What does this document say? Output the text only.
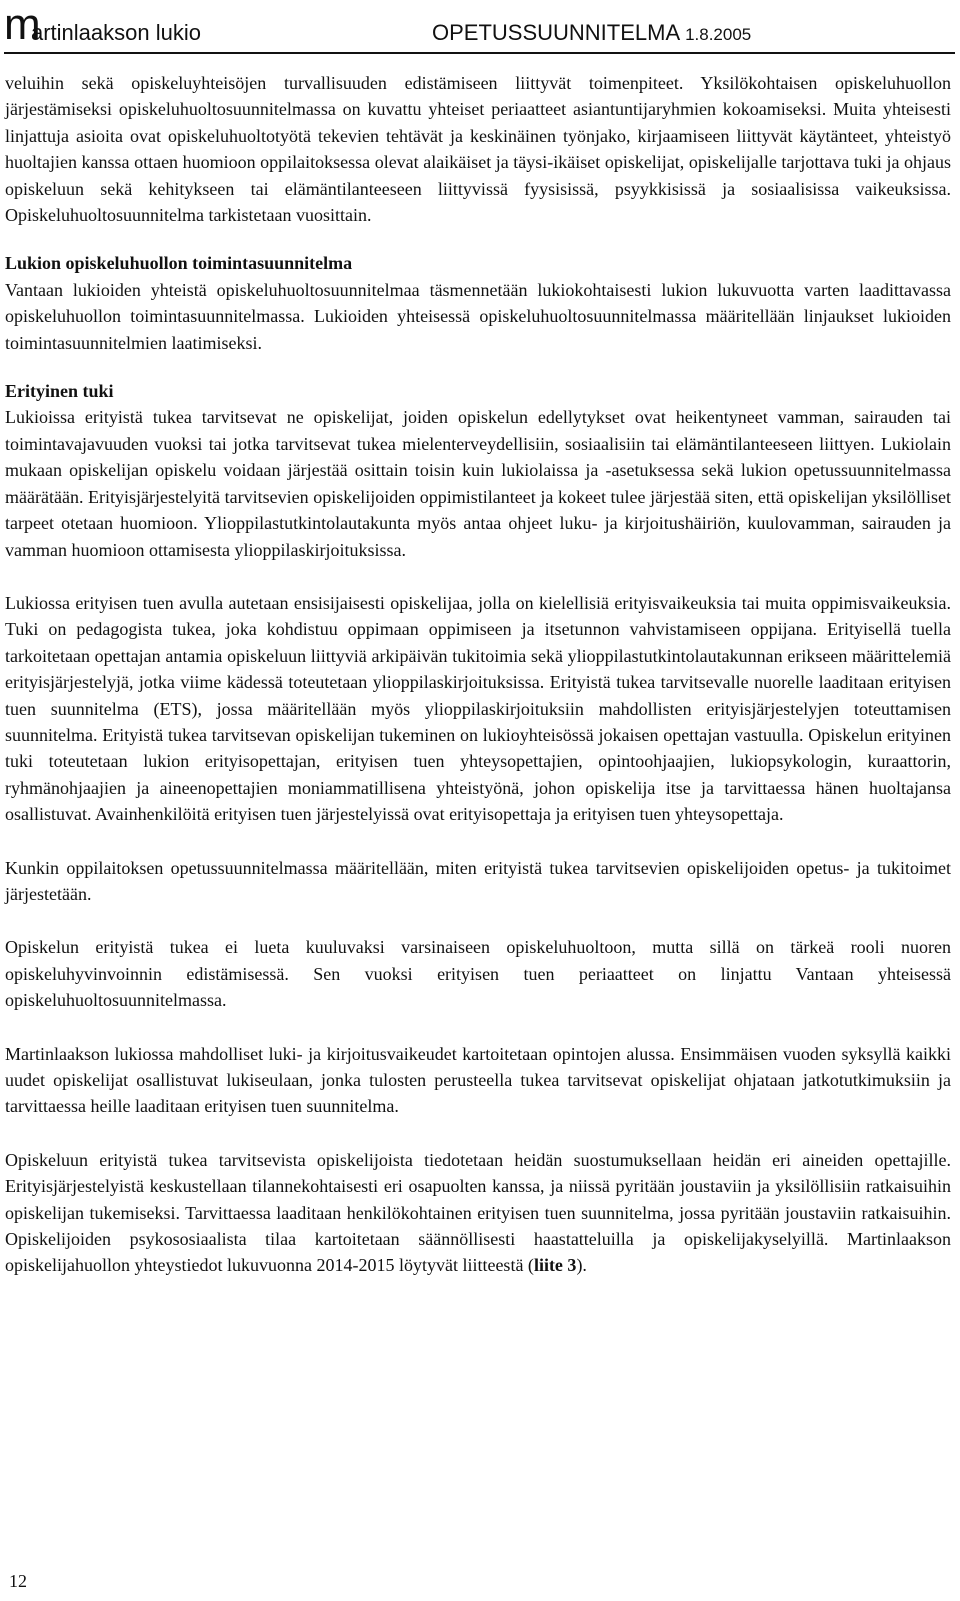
m
artinlaakson lukio	OPETUSSUUNNITELMA 1.8.2005

veluihin sekä opiskeluyhteisöjen turvallisuuden edistämiseen liittyvät toimenpiteet. Yksilökohtaisen opiskeluhuollon järjestämiseksi opiskeluhuoltosuunnitelmassa on kuvattu yhteiset periaatteet asiantuntijaryhmien kokoamiseksi. Muita yhteisesti linjattuja asioita ovat opiskeluhuoltotyötä tekevien tehtävät ja keskinäinen työnjako, kirjaamiseen liittyvät käytänteet, yhteistyö huoltajien kanssa ottaen huomioon oppilaitoksessa olevat alaikäiset ja täysi-ikäiset opiskelijat, opiskelijalle tarjottava tuki ja ohjaus opiskeluun sekä kehitykseen tai elämäntilanteeseen liittyvissä fyysisissä, psyykkisissä ja sosiaalisissa vaikeuksissa. Opiskeluhuoltosuunnitelma tarkistetaan vuosittain.

Lukion opiskeluhuollon toimintasuunnitelma

Vantaan lukioiden yhteistä opiskeluhuoltosuunnitelmaa täsmennetään lukiokohtaisesti lukion lukuvuotta varten laadittavassa opiskeluhuollon toimintasuunnitelmassa. Lukioiden yhteisessä opiskeluhuoltosuunnitelmassa määritellään linjaukset lukioiden toimintasuunnitelmien laatimiseksi.

Erityinen tuki

Lukioissa erityistä tukea tarvitsevat ne opiskelijat, joiden opiskelun edellytykset ovat heikentyneet vamman, sairauden tai toimintavajavuuden vuoksi tai jotka tarvitsevat tukea mielenterveydellisiin, sosiaalisiin tai elämäntilanteeseen liittyen. Lukiolain mukaan opiskelijan opiskelu voidaan järjestää osittain toisin kuin lukiolaissa ja -asetuksessa sekä lukion opetussuunnitelmassa määrätään. Erityisjärjestelyitä tarvitsevien opiskelijoiden oppimistilanteet ja kokeet tulee järjestää siten, että opiskelijan yksilölliset tarpeet otetaan huomioon. Ylioppilastutkintolautakunta myös antaa ohjeet luku- ja kirjoitushäiriön, kuulovamman, sairauden ja vamman huomioon ottamisesta ylioppilaskirjoituksissa.

Lukiossa erityisen tuen avulla autetaan ensisijaisesti opiskelijaa, jolla on kielellisiä erityisvaikeuksia tai muita oppimisvaikeuksia. Tuki on pedagogista tukea, joka kohdistuu oppimaan oppimiseen ja itsetunnon vahvistamiseen oppijana. Erityisellä tuella tarkoitetaan opettajan antamia opiskeluun liittyviä arkipäivän tukitoimia sekä ylioppilastutkintolautakunnan erikseen määrittelemiä erityisjärjestelyjä, jotka viime kädessä toteutetaan ylioppilaskirjoituksissa. Erityistä tukea tarvitsevalle nuorelle laaditaan erityisen tuen suunnitelma (ETS), jossa määritellään myös ylioppilaskirjoituksiin mahdollisten erityisjärjestelyjen toteuttamisen suunnitelma. Erityistä tukea tarvitsevan opiskelijan tukeminen on lukioyhteisössä jokaisen opettajan vastuulla. Opiskelun erityinen tuki toteutetaan lukion erityisopettajan, erityisen tuen yhteysopettajien, opintoohjaajien, lukiopsykologin, kuraattorin, ryhmänohjaajien ja aineenopettajien moniammatillisena yhteistyönä, johon opiskelija itse ja tarvittaessa hänen huoltajansa osallistuvat. Avainhenkilöitä erityisen tuen järjestelyissä ovat erityisopettaja ja erityisen tuen yhteysopettaja.

Kunkin oppilaitoksen opetussuunnitelmassa määritellään, miten erityistä tukea tarvitsevien opiskelijoiden opetus- ja tukitoimet järjestetään.

Opiskelun erityistä tukea ei lueta kuuluvaksi varsinaiseen opiskeluhuoltoon, mutta sillä on tärkeä rooli nuoren opiskeluhyvinvoinnin edistämisessä. Sen vuoksi erityisen tuen periaatteet on linjattu Vantaan yhteisessä opiskeluhuoltosuunnitelmassa.

Martinlaakson lukiossa mahdolliset luki- ja kirjoitusvaikeudet kartoitetaan opintojen alussa. Ensimmäisen vuoden syksyllä kaikki uudet opiskelijat osallistuvat lukiseulaan, jonka tulosten perusteella tukea tarvitsevat opiskelijat ohjataan jatkotutkimuksiin ja tarvittaessa heille laaditaan erityisen tuen suunnitelma.

Opiskeluun erityistä tukea tarvitsevista opiskelijoista tiedotetaan heidän suostumuksellaan heidän eri aineiden opettajille. Erityisjärjestelyistä keskustellaan tilannekohtaisesti eri osapuolten kanssa, ja niissä pyritään joustaviin ja yksilöllisiin ratkaisuihin opiskelijan tukemiseksi. Tarvittaessa laaditaan henkilökohtainen erityisen tuen suunnitelma, jossa pyritään joustaviin ratkaisuihin. Opiskelijoiden psykososiaalista tilaa kartoitetaan säännöllisesti haastatteluilla ja opiskelijakyselyillä. Martinlaakson opiskelijahuollon yhteystiedot lukuvuonna 2014-2015 löytyvät liitteestä (liite 3).

12
